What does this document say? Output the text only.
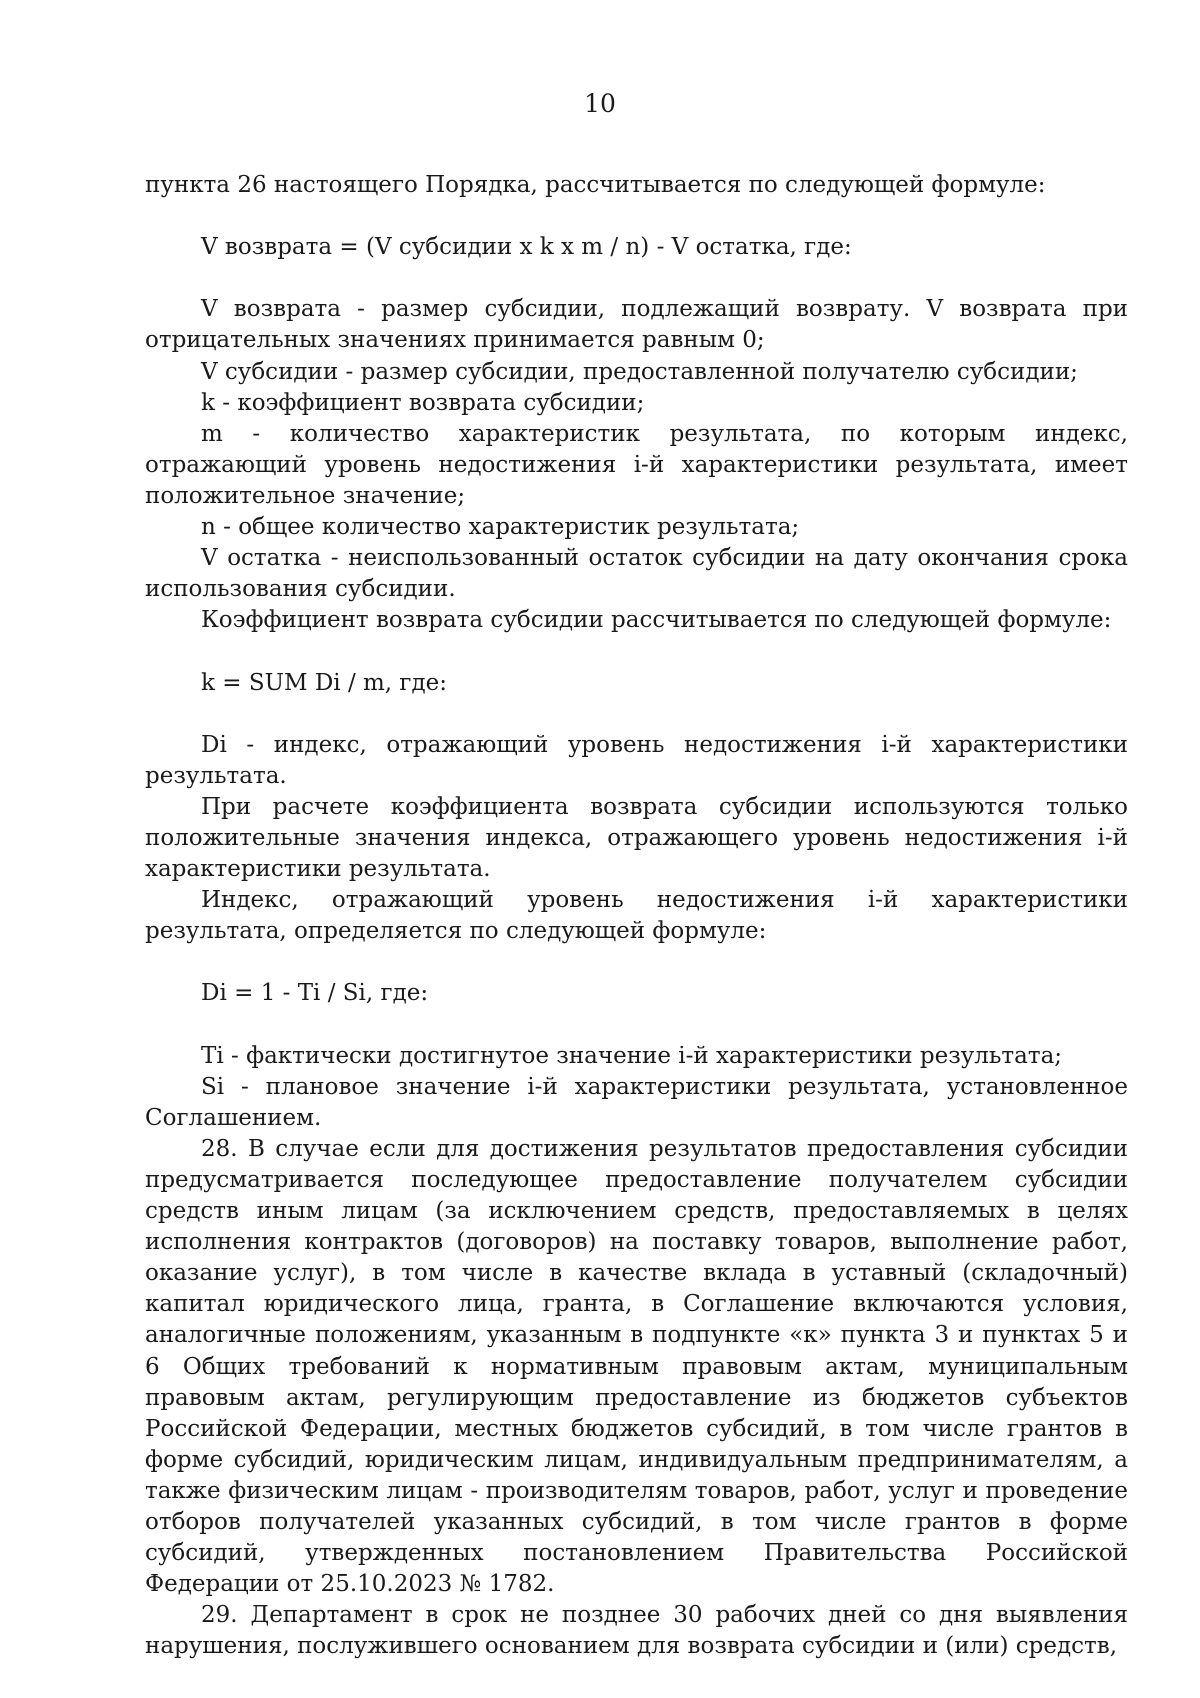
10

пункта 26 настоящего Порядка, рассчитывается по следующей формуле:

V возврата = (V субсидии x k x m / n) - V остатка, где:

V возврата - размер субсидии, подлежащий возврату. V возврата при отрицательных значениях принимается равным 0;

V субсидии - размер субсидии, предоставленной получателю субсидии;

k - коэффициент возврата субсидии;

m - количество характеристик результата, по которым индекс, отражающий уровень недостижения i-й характеристики результата, имеет положительное значение;

n - общее количество характеристик результата;

V остатка - неиспользованный остаток субсидии на дату окончания срока использования субсидии.

Коэффициент возврата субсидии рассчитывается по следующей формуле:

k = SUM Di / m, где:

Di - индекс, отражающий уровень недостижения i-й характеристики результата.

При расчете коэффициента возврата субсидии используются только положительные значения индекса, отражающего уровень недостижения i-й характеристики результата.

Индекс, отражающий уровень недостижения i-й характеристики результата, определяется по следующей формуле:

Di = 1 - Ti / Si, где:

Ti - фактически достигнутое значение i-й характеристики результата;

Si - плановое значение i-й характеристики результата, установленное Соглашением.

28. В случае если для достижения результатов предоставления субсидии предусматривается последующее предоставление получателем субсидии средств иным лицам (за исключением средств, предоставляемых в целях исполнения контрактов (договоров) на поставку товаров, выполнение работ, оказание услуг), в том числе в качестве вклада в уставный (складочный) капитал юридического лица, гранта, в Соглашение включаются условия, аналогичные положениям, указанным в подпункте «к» пункта 3 и пунктах 5 и 6 Общих требований к нормативным правовым актам, муниципальным правовым актам, регулирующим предоставление из бюджетов субъектов Российской Федерации, местных бюджетов субсидий, в том числе грантов в форме субсидий, юридическим лицам, индивидуальным предпринимателям, а также физическим лицам - производителям товаров, работ, услуг и проведение отборов получателей указанных субсидий, в том числе грантов в форме субсидий, утвержденных постановлением Правительства Российской Федерации от 25.10.2023 № 1782.

29. Департамент в срок не позднее 30 рабочих дней со дня выявления нарушения, послужившего основанием для возврата субсидии и (или) средств,
